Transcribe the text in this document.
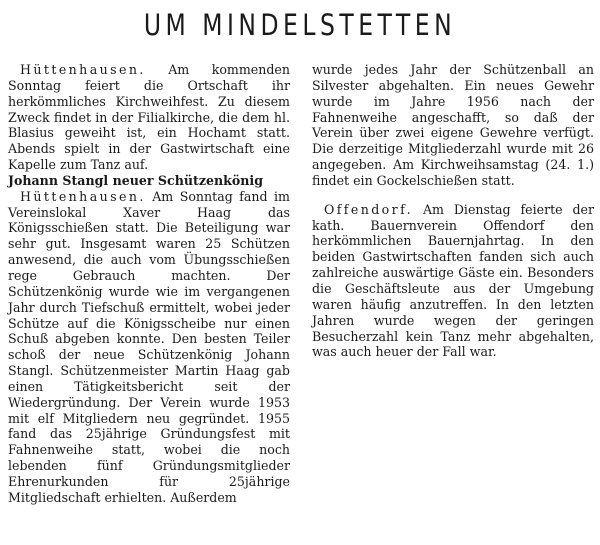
UM MINDELSTETTEN

Hüttenhausen. Am kommenden Sonntag feiert die Ortschaft ihr herkömmliches Kirchweihfest. Zu diesem Zweck findet in der Filialkirche, die dem hl. Blasius geweiht ist, ein Hochamt statt. Abends spielt in der Gastwirtschaft eine Kapelle zum Tanz auf.

Johann Stangl neuer Schützenkönig

Hüttenhausen. Am Sonntag fand im Vereinslokal Xaver Haag das Königsschießen statt. Die Beteiligung war sehr gut. Insgesamt waren 25 Schützen anwesend, die auch vom Übungsschießen rege Gebrauch machten. Der Schützenkönig wurde wie im vergangenen Jahr durch Tiefschuß ermittelt, wobei jeder Schütze auf die Königsscheibe nur einen Schuß abgeben konnte. Den besten Teiler schoß der neue Schützenkönig Johann Stangl. Schützenmeister Martin Haag gab einen Tätigkeitsbericht seit der Wiedergründung. Der Verein wurde 1953 mit elf Mitgliedern neu gegründet. 1955 fand das 25jährige Gründungsfest mit Fahnenweihe statt, wobei die noch lebenden fünf Gründungsmitglieder Ehrenurkunden für 25jährige Mitgliedschaft erhielten. Außerdem

wurde jedes Jahr der Schützenball an Silvester abgehalten. Ein neues Gewehr wurde im Jahre 1956 nach der Fahnenweihe angeschafft, so daß der Verein über zwei eigene Gewehre verfügt. Die derzeitige Mitgliederzahl wurde mit 26 angegeben. Am Kirchweihsamstag (24. 1.) findet ein Gockelschießen statt.

Offendorf. Am Dienstag feierte der kath. Bauernverein Offendorf den herkömmlichen Bauernjahrtag. In den beiden Gastwirtschaften fanden sich auch zahlreiche auswärtige Gäste ein. Besonders die Geschäftsleute aus der Umgebung waren häufig anzutreffen. In den letzten Jahren wurde wegen der geringen Besucherzahl kein Tanz mehr abgehalten, was auch heuer der Fall war.
